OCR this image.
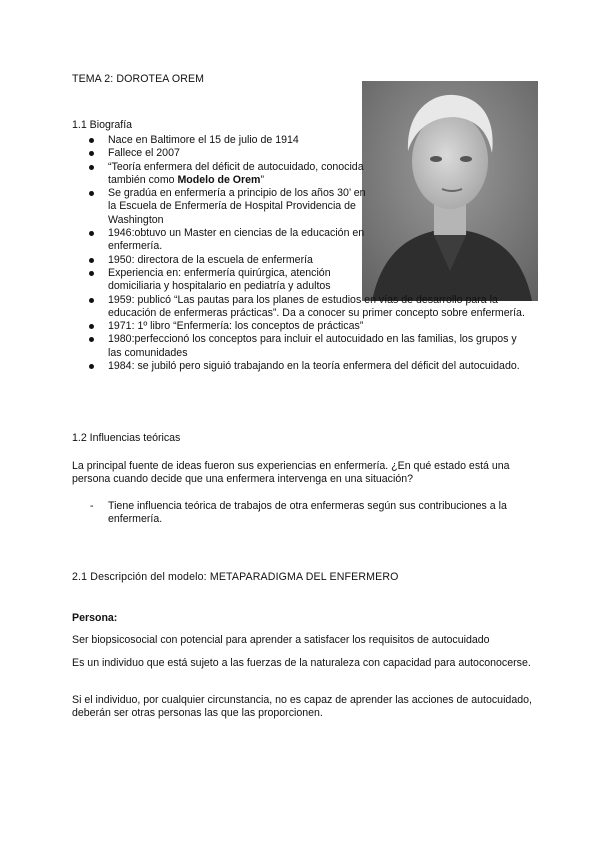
TEMA 2: DOROTEA OREM
1.1 Biografía
Nace en Baltimore el 15 de julio de 1914
Fallece el 2007
“Teoría enfermera del déficit de autocuidado, conocida también como Modelo de Orem”
Se gradúa en enfermería a principio de los años 30’ en la Escuela de Enfermería de Hospital Providencia de Washington
1946:obtuvo un Master en ciencias de la educación en enfermería.
1950: directora de la escuela de enfermería
Experiencia en: enfermería quirúrgica, atención domiciliaria y hospitalario en pediatría y adultos
1959: publicó “Las pautas para los planes de estudios en vías de desarrollo para la educación de enfermeras prácticas”. Da a conocer su primer concepto sobre enfermería.
1971: 1º libro “Enfermería: los conceptos de prácticas”
1980:perfeccionó los conceptos para incluir el autocuidado en las familias, los grupos y las comunidades
1984: se jubiló pero siguió trabajando en la teoría enfermera del déficit del autocuidado.
1.2 Influencias teóricas
La principal fuente de ideas fueron sus experiencias en enfermería. ¿En qué estado está una persona cuando decide que una enfermera intervenga en una situación?
-	Tiene influencia teórica de trabajos de otra enfermeras según sus contribuciones a la enfermería.
2.1 Descripción del modelo: METAPARADIGMA DEL ENFERMERO
Persona:
Ser biopsicosocial con potencial para aprender a satisfacer los requisitos de autocuidado
Es un individuo que está sujeto a las fuerzas de la naturaleza con capacidad para autoconocerse.
Si el individuo, por cualquier circunstancia, no es capaz de aprender las acciones de autocuidado, deberán ser otras personas las que las proporcionen.
